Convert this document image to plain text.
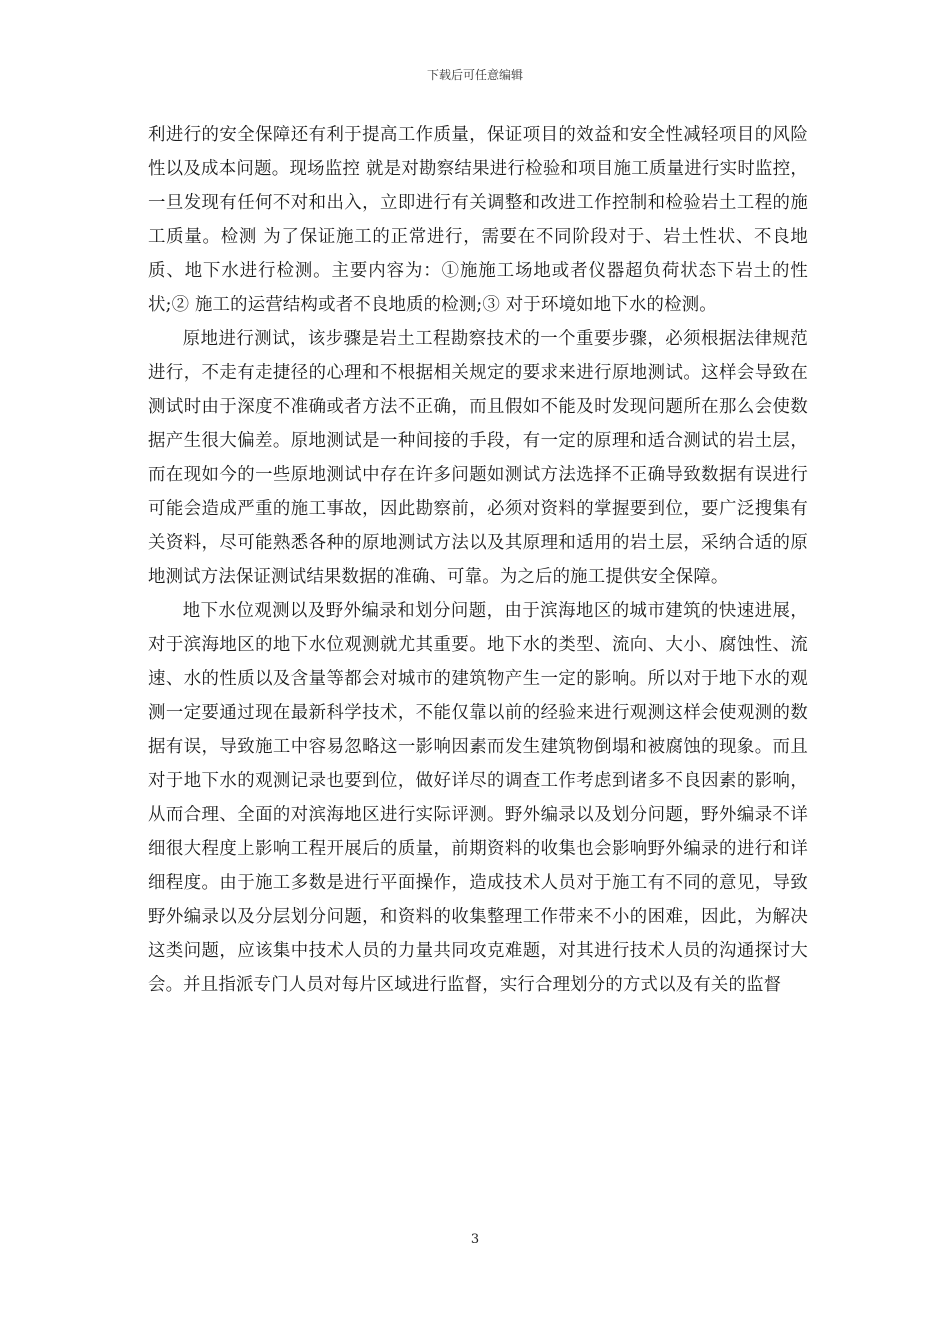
下载后可任意编辑

利进行的安全保障还有利于提高工作质量，保证项目的效益和安全性减轻项目的风险性以及成本问题。现场监控 就是对勘察结果进行检验和项目施工质量进行实时监控，一旦发现有任何不对和出入，立即进行有关调整和改进工作控制和检验岩土工程的施工质量。检测 为了保证施工的正常进行，需要在不同阶段对于、岩土性状、不良地质、地下水进行检测。主要内容为：①施施工场地或者仪器超负荷状态下岩土的性状;② 施工的运营结构或者不良地质的检测;③ 对于环境如地下水的检测。

原地进行测试，该步骤是岩土工程勘察技术的一个重要步骤，必须根据法律规范进行，不走有走捷径的心理和不根据相关规定的要求来进行原地测试。这样会导致在测试时由于深度不准确或者方法不正确，而且假如不能及时发现问题所在那么会使数据产生很大偏差。原地测试是一种间接的手段，有一定的原理和适合测试的岩土层，而在现如今的一些原地测试中存在许多问题如测试方法选择不正确导致数据有误进行可能会造成严重的施工事故，因此勘察前，必须对资料的掌握要到位，要广泛搜集有关资料，尽可能熟悉各种的原地测试方法以及其原理和适用的岩土层，采纳合适的原地测试方法保证测试结果数据的准确、可靠。为之后的施工提供安全保障。

地下水位观测以及野外编录和划分问题，由于滨海地区的城市建筑的快速进展，对于滨海地区的地下水位观测就尤其重要。地下水的类型、流向、大小、腐蚀性、流速、水的性质以及含量等都会对城市的建筑物产生一定的影响。所以对于地下水的观测一定要通过现在最新科学技术，不能仅靠以前的经验来进行观测这样会使观测的数据有误，导致施工中容易忽略这一影响因素而发生建筑物倒塌和被腐蚀的现象。而且对于地下水的观测记录也要到位，做好详尽的调查工作考虑到诸多不良因素的影响，从而合理、全面的对滨海地区进行实际评测。野外编录以及划分问题，野外编录不详细很大程度上影响工程开展后的质量，前期资料的收集也会影响野外编录的进行和详细程度。由于施工多数是进行平面操作，造成技术人员对于施工有不同的意见，导致野外编录以及分层划分问题，和资料的收集整理工作带来不小的困难，因此，为解决这类问题，应该集中技术人员的力量共同攻克难题，对其进行技术人员的沟通探讨大会。并且指派专门人员对每片区域进行监督，实行合理划分的方式以及有关的监督

3
